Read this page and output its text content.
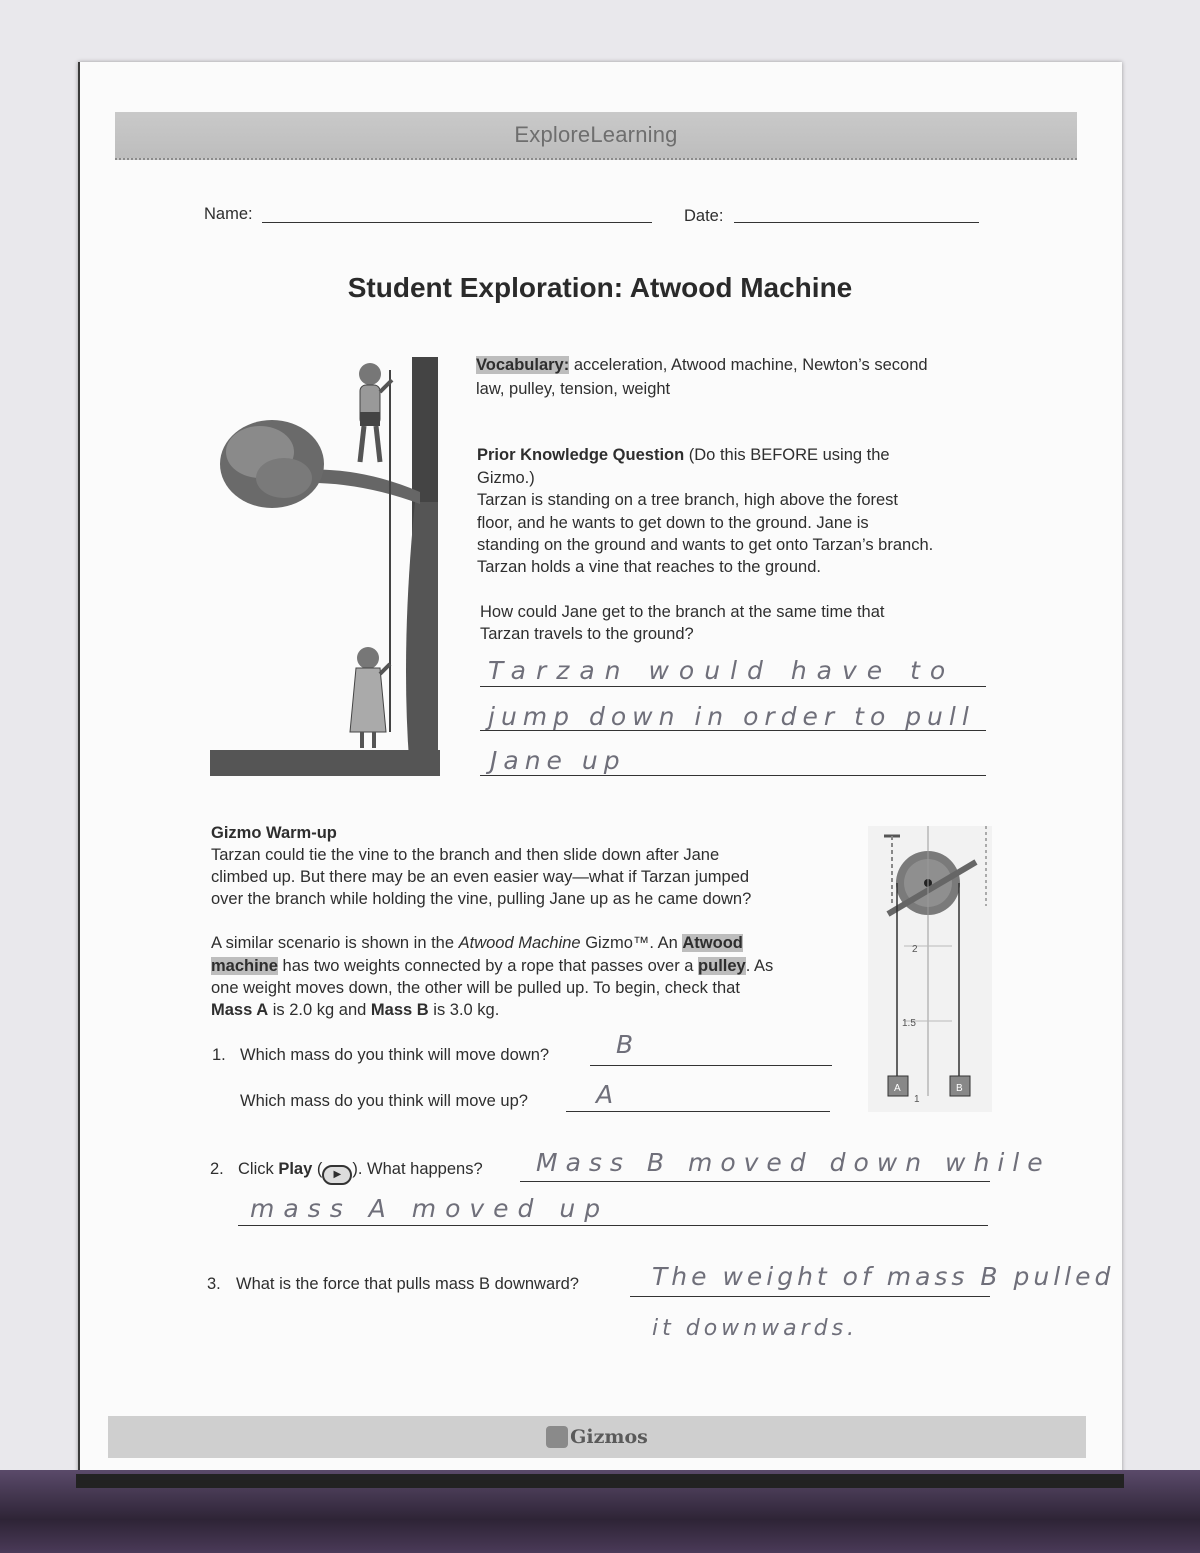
ExploreLearning
Name:	Date:
Student Exploration: Atwood Machine
Vocabulary: acceleration, Atwood machine, Newton’s second
law, pulley, tension, weight
Prior Knowledge Question (Do this BEFORE using the
Gizmo.)
Tarzan is standing on a tree branch, high above the forest
floor, and he wants to get down to the ground. Jane is
standing on the ground and wants to get onto Tarzan’s branch.
Tarzan holds a vine that reaches to the ground.
How could Jane get to the branch at the same time that
Tarzan travels to the ground?
Tarzan would have to
jump down in order to pull
Jane up
Gizmo Warm-up
Tarzan could tie the vine to the branch and then slide down after Jane
climbed up. But there may be an even easier way—what if Tarzan jumped
over the branch while holding the vine, pulling Jane up as he came down?
A similar scenario is shown in the Atwood Machine Gizmo™. An Atwood
machine has two weights connected by a rope that passes over a pulley. As
one weight moves down, the other will be pulled up. To begin, check that
Mass A is 2.0 kg and Mass B is 3.0 kg.
2
1.5
A
1
B
1. Which mass do you think will move down?	B
Which mass do you think will move up?	A
2. Click Play ( ▶ ). What happens? Mass B moved down while
mass A moved up
3. What is the force that pulls mass B downward?	The weight of mass B pulled
it downwards.
Gizmos
